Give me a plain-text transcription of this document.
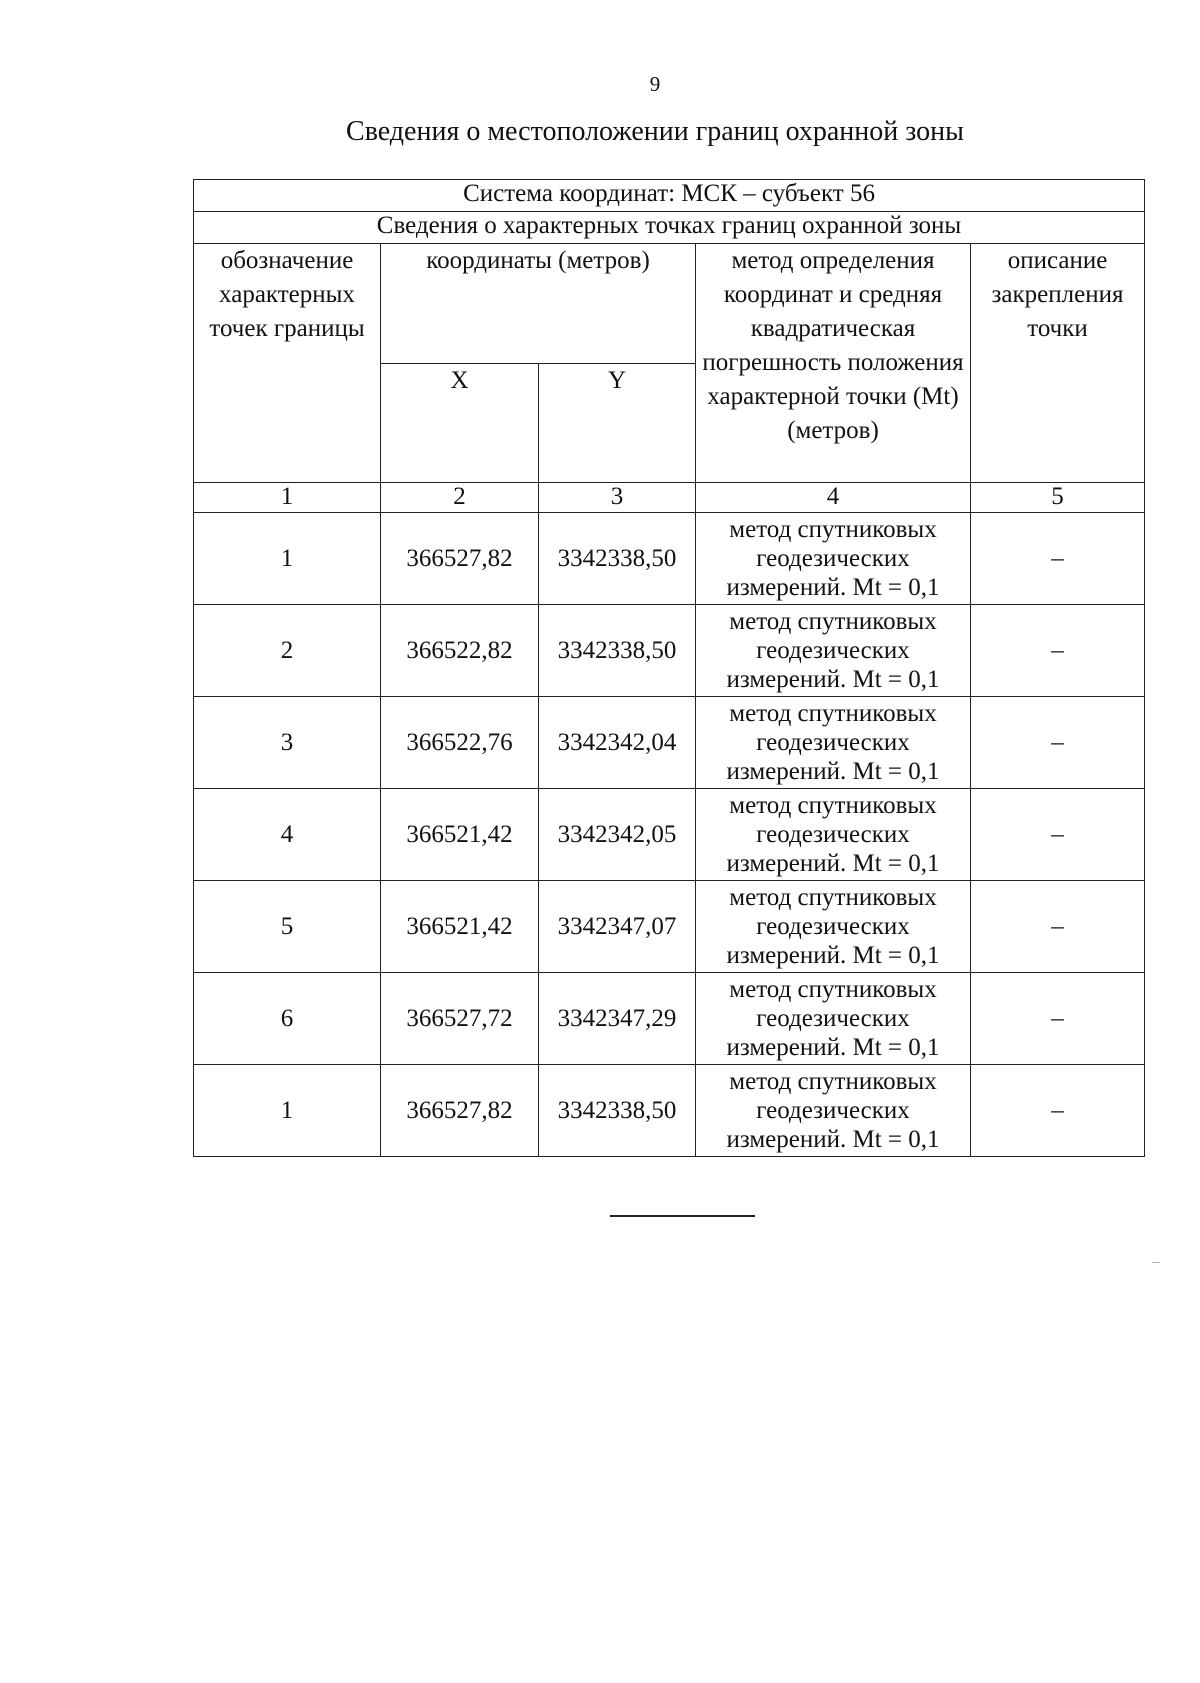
9
Сведения о местоположении границ охранной зоны
Система координат: МСК – субъект 56				
Сведения о характерных точках границ охранной зоны				
обозначение характерных точек границы	координаты (метров)		метод определения координат и средняя квадратическая погрешность положения характерной точки (Mt) (метров)	описание закрепления точки
	X	Y		
1	2	3	4	5
1	366527,82	3342338,50	метод спутниковых геодезических измерений. Mt = 0,1	–
2	366522,82	3342338,50	метод спутниковых геодезических измерений. Mt = 0,1	–
3	366522,76	3342342,04	метод спутниковых геодезических измерений. Mt = 0,1	–
4	366521,42	3342342,05	метод спутниковых геодезических измерений. Mt = 0,1	–
5	366521,42	3342347,07	метод спутниковых геодезических измерений. Mt = 0,1	–
6	366527,72	3342347,29	метод спутниковых геодезических измерений. Mt = 0,1	–
1	366527,82	3342338,50	метод спутниковых геодезических измерений. Mt = 0,1	–
